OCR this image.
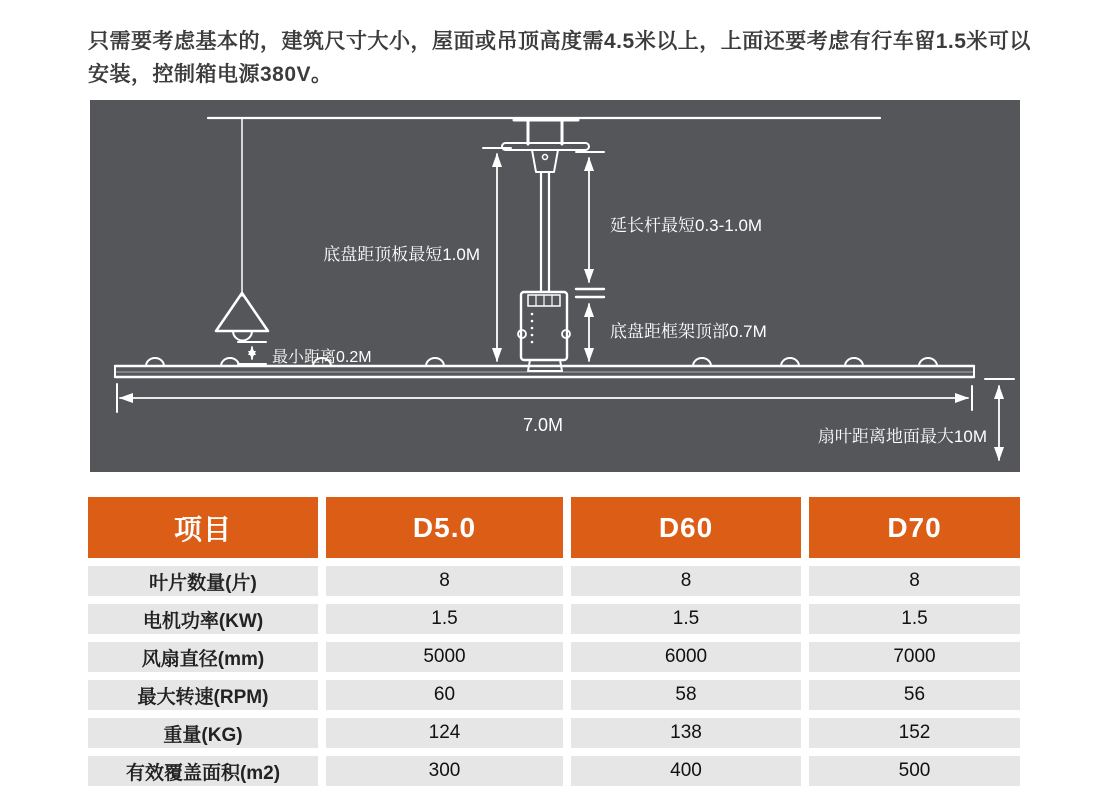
只需要考虑基本的，建筑尺寸大小，屋面或吊顶高度需4.5米以上，上面还要考虑有行车留1.5米可以安装，控制箱电源380V。

底盘距顶板最短1.0M
延长杆最短0.3-1.0M
底盘距框架顶部0.7M
最小距离0.2M
7.0M
扇叶距离地面最大10M
项目	D5.0	D60	D70
叶片数量(片)	8	8	8
电机功率(KW)	1.5	1.5	1.5
风扇直径(mm)	5000	6000	7000
最大转速(RPM)	60	58	56
重量(KG)	124	138	152
有效覆盖面积(m2)	300	400	500
